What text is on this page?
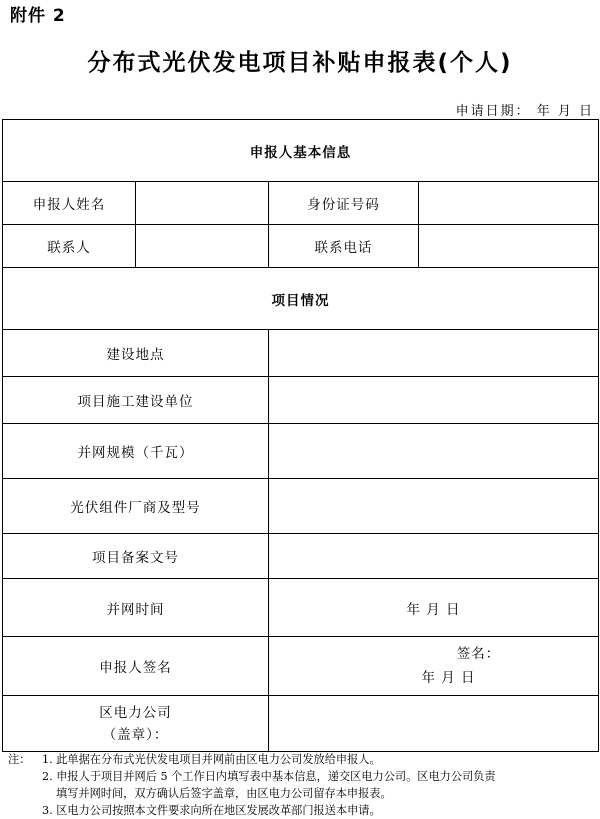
附件 2
分布式光伏发电项目补贴申报表(个人)
申请日期： 年 月 日
申报人基本信息			
申报人姓名		身份证号码	
联系人		联系电话	
项目情况			
建设地点			
项目施工建设单位			
并网规模（千瓦）			
光伏组件厂商及型号			
项目备案文号			
并网时间		年 月 日	
申报人签名		签名：
年 月 日	

区电力公司
（盖章）：			

注：	1. 此单据在分布式光伏发电项目并网前由区电力公司发放给申报人。
2. 申报人于项目并网后 5 个工作日内填写表中基本信息，递交区电力公司。区电力公司负责
填写并网时间，双方确认后签字盖章，由区电力公司留存本申报表。
3. 区电力公司按照本文件要求向所在地区发展改革部门报送本申请。
